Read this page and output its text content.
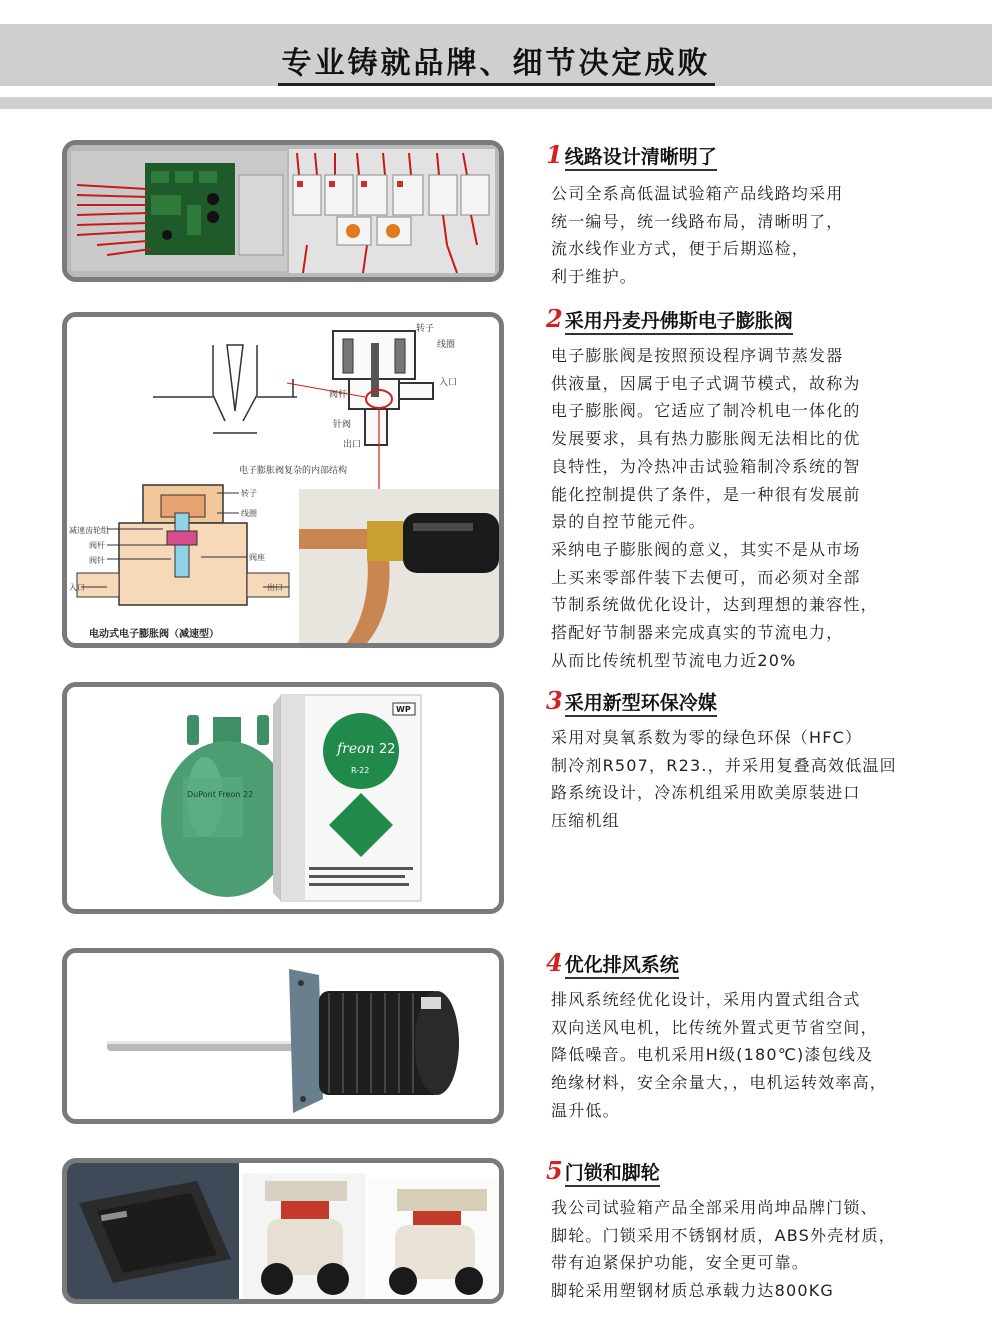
专业铸就品牌、细节决定成败
转子
线圈
入口
阀杆
针阀
出口
电子膨胀阀复杂的内部结构
转子
线圈
减速齿轮组
阀杆
阀针	阀座
入口	出口
电动式电子膨胀阀（减速型）
DuPont Freon 22
WP
freon 22
R-22
1 线路设计清晰明了
公司全系高低温试验箱产品线路均采用
统一编号，统一线路布局，清晰明了，
流水线作业方式，便于后期巡检，
利于维护。
2 采用丹麦丹佛斯电子膨胀阀
电子膨胀阀是按照预设程序调节蒸发器
供液量，因属于电子式调节模式，故称为
电子膨胀阀。它适应了制冷机电一体化的
发展要求，具有热力膨胀阀无法相比的优
良特性，为冷热冲击试验箱制冷系统的智
能化控制提供了条件，是一种很有发展前
景的自控节能元件。
采纳电子膨胀阀的意义，其实不是从市场
上买来零部件装下去便可，而必须对全部
节制系统做优化设计，达到理想的兼容性，
搭配好节制器来完成真实的节流电力，
从而比传统机型节流电力近20%
3 采用新型环保冷媒
采用对臭氧系数为零的绿色环保（HFC）
制冷剂R507，R23.，并采用复叠高效低温回
路系统设计，冷冻机组采用欧美原装进口
压缩机组
4 优化排风系统
排风系统经优化设计，采用内置式组合式
双向送风电机，比传统外置式更节省空间，
降低噪音。电机采用H级(180℃)漆包线及
绝缘材料，安全余量大，，电机运转效率高，
温升低。
5 门锁和脚轮
我公司试验箱产品全部采用尚坤品牌门锁、
脚轮。门锁采用不锈钢材质，ABS外壳材质，
带有迫紧保护功能，安全更可靠。
脚轮采用塑钢材质总承载力达800KG
